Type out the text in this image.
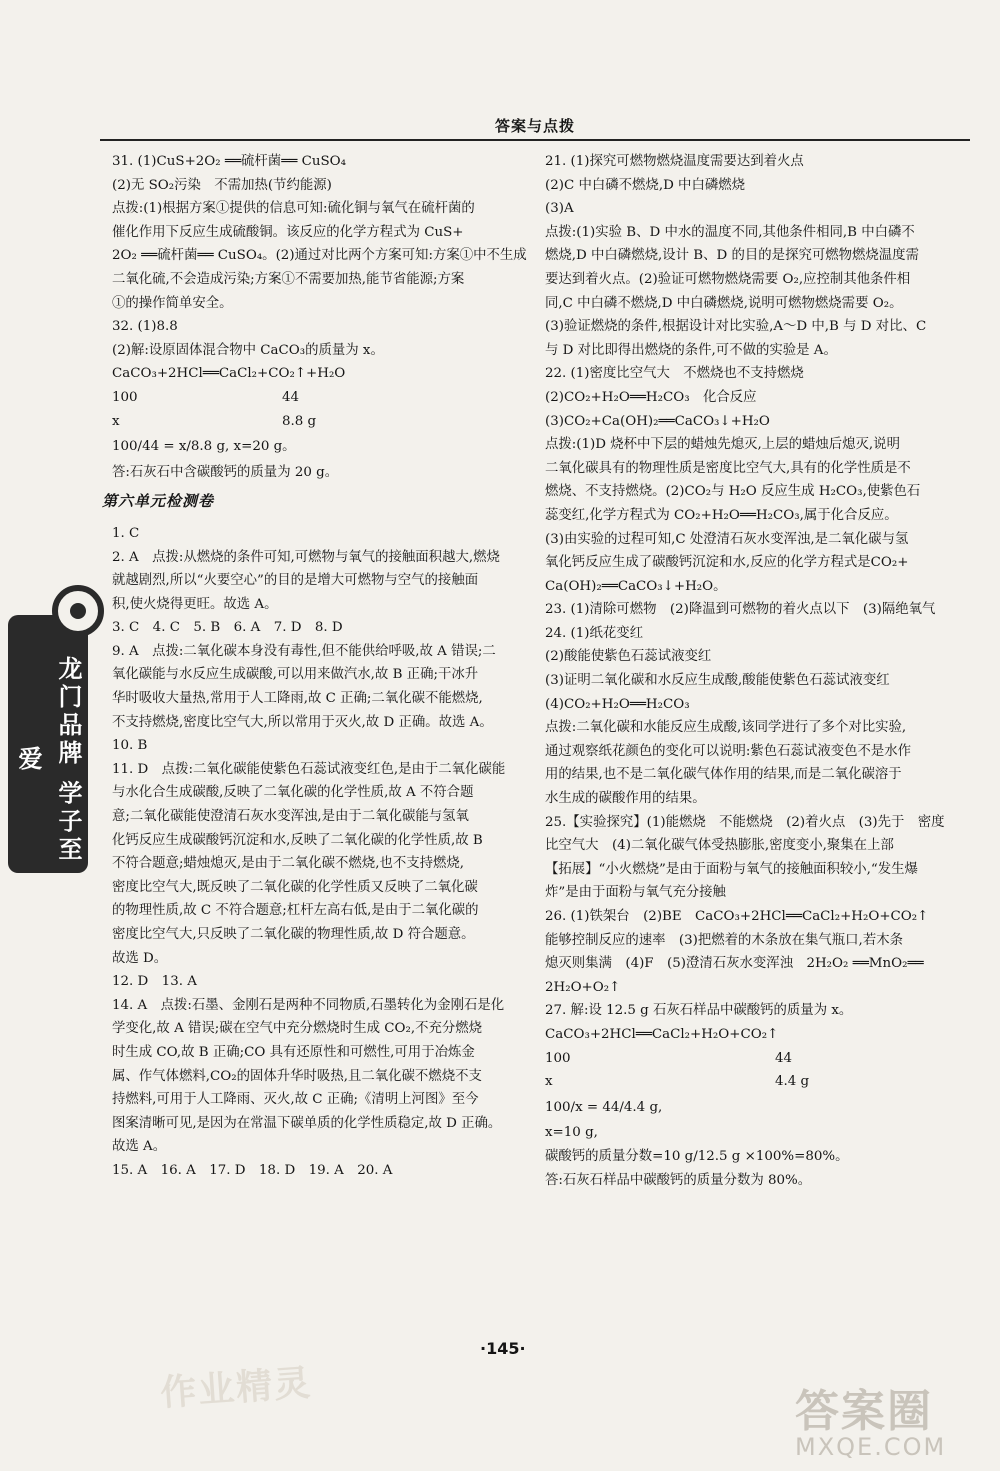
答案与点拨
龙门品牌 学子至爱

31. (1)CuS+2O₂ ══硫杆菌══ CuSO₄

(2)无 SO₂污染　不需加热(节约能源)

点拨:(1)根据方案①提供的信息可知:硫化铜与氧气在硫杆菌的

催化作用下反应生成硫酸铜。该反应的化学方程式为 CuS+

2O₂ ══硫杆菌══ CuSO₄。(2)通过对比两个方案可知:方案①中不生成

二氧化硫,不会造成污染;方案①不需要加热,能节省能源;方案

①的操作简单安全。

32. (1)8.8

(2)解:设原固体混合物中 CaCO₃的质量为 x。

CaCO₃+2HCl══CaCl₂+CO₂↑+H₂O

100	44
x	8.8 g

100/44 = x/8.8 g, x=20 g。

答:石灰石中含碳酸钙的质量为 20 g。

第六单元检测卷

1. C

2. A　点拨:从燃烧的条件可知,可燃物与氧气的接触面积越大,燃烧

就越剧烈,所以“火要空心”的目的是增大可燃物与空气的接触面

积,使火烧得更旺。故选 A。

3. C　4. C　5. B　6. A　7. D　8. D

9. A　点拨:二氧化碳本身没有毒性,但不能供给呼吸,故 A 错误;二

氧化碳能与水反应生成碳酸,可以用来做汽水,故 B 正确;干冰升

华时吸收大量热,常用于人工降雨,故 C 正确;二氧化碳不能燃烧,

不支持燃烧,密度比空气大,所以常用于灭火,故 D 正确。故选 A。

10. B

11. D　点拨:二氧化碳能使紫色石蕊试液变红色,是由于二氧化碳能

与水化合生成碳酸,反映了二氧化碳的化学性质,故 A 不符合题

意;二氧化碳能使澄清石灰水变浑浊,是由于二氧化碳能与氢氧

化钙反应生成碳酸钙沉淀和水,反映了二氧化碳的化学性质,故 B

不符合题意;蜡烛熄灭,是由于二氧化碳不燃烧,也不支持燃烧,

密度比空气大,既反映了二氧化碳的化学性质又反映了二氧化碳

的物理性质,故 C 不符合题意;杠杆左高右低,是由于二氧化碳的

密度比空气大,只反映了二氧化碳的物理性质,故 D 符合题意。

故选 D。

12. D　13. A

14. A　点拨:石墨、金刚石是两种不同物质,石墨转化为金刚石是化

学变化,故 A 错误;碳在空气中充分燃烧时生成 CO₂,不充分燃烧

时生成 CO,故 B 正确;CO 具有还原性和可燃性,可用于冶炼金

属、作气体燃料,CO₂的固体升华时吸热,且二氧化碳不燃烧不支

持燃料,可用于人工降雨、灭火,故 C 正确;《清明上河图》至今

图案清晰可见,是因为在常温下碳单质的化学性质稳定,故 D 正确。

故选 A。

15. A　16. A　17. D　18. D　19. A　20. A

21. (1)探究可燃物燃烧温度需要达到着火点

(2)C 中白磷不燃烧,D 中白磷燃烧

(3)A

点拨:(1)实验 B、D 中水的温度不同,其他条件相同,B 中白磷不

燃烧,D 中白磷燃烧,设计 B、D 的目的是探究可燃物燃烧温度需

要达到着火点。(2)验证可燃物燃烧需要 O₂,应控制其他条件相

同,C 中白磷不燃烧,D 中白磷燃烧,说明可燃物燃烧需要 O₂。

(3)验证燃烧的条件,根据设计对比实验,A～D 中,B 与 D 对比、C

与 D 对比即得出燃烧的条件,可不做的实验是 A。

22. (1)密度比空气大　不燃烧也不支持燃烧

(2)CO₂+H₂O══H₂CO₃　化合反应

(3)CO₂+Ca(OH)₂══CaCO₃↓+H₂O

点拨:(1)D 烧杯中下层的蜡烛先熄灭,上层的蜡烛后熄灭,说明

二氧化碳具有的物理性质是密度比空气大,具有的化学性质是不

燃烧、不支持燃烧。(2)CO₂与 H₂O 反应生成 H₂CO₃,使紫色石

蕊变红,化学方程式为 CO₂+H₂O══H₂CO₃,属于化合反应。

(3)由实验的过程可知,C 处澄清石灰水变浑浊,是二氧化碳与氢

氧化钙反应生成了碳酸钙沉淀和水,反应的化学方程式是CO₂+

Ca(OH)₂══CaCO₃↓+H₂O。

23. (1)清除可燃物　(2)降温到可燃物的着火点以下　(3)隔绝氧气

24. (1)纸花变红

(2)酸能使紫色石蕊试液变红

(3)证明二氧化碳和水反应生成酸,酸能使紫色石蕊试液变红

(4)CO₂+H₂O══H₂CO₃

点拨:二氧化碳和水能反应生成酸,该同学进行了多个对比实验,

通过观察纸花颜色的变化可以说明:紫色石蕊试液变色不是水作

用的结果,也不是二氧化碳气体作用的结果,而是二氧化碳溶于

水生成的碳酸作用的结果。

25.【实验探究】(1)能燃烧　不能燃烧　(2)着火点　(3)先于　密度

比空气大　(4)二氧化碳气体受热膨胀,密度变小,聚集在上部

【拓展】“小火燃烧”是由于面粉与氧气的接触面积较小,“发生爆

炸”是由于面粉与氧气充分接触

26. (1)铁架台　(2)BE　CaCO₃+2HCl══CaCl₂+H₂O+CO₂↑

能够控制反应的速率　(3)把燃着的木条放在集气瓶口,若木条

熄灭则集满　(4)F　(5)澄清石灰水变浑浊　2H₂O₂ ══MnO₂══

2H₂O+O₂↑

27. 解:设 12.5 g 石灰石样品中碳酸钙的质量为 x。

CaCO₃+2HCl══CaCl₂+H₂O+CO₂↑

100	44
x	4.4 g

100/x = 44/4.4 g,

x=10 g,

碳酸钙的质量分数=10 g/12.5 g ×100%=80%。

答:石灰石样品中碳酸钙的质量分数为 80%。

·145·
作业精灵	答案圈
MXQE.COM
